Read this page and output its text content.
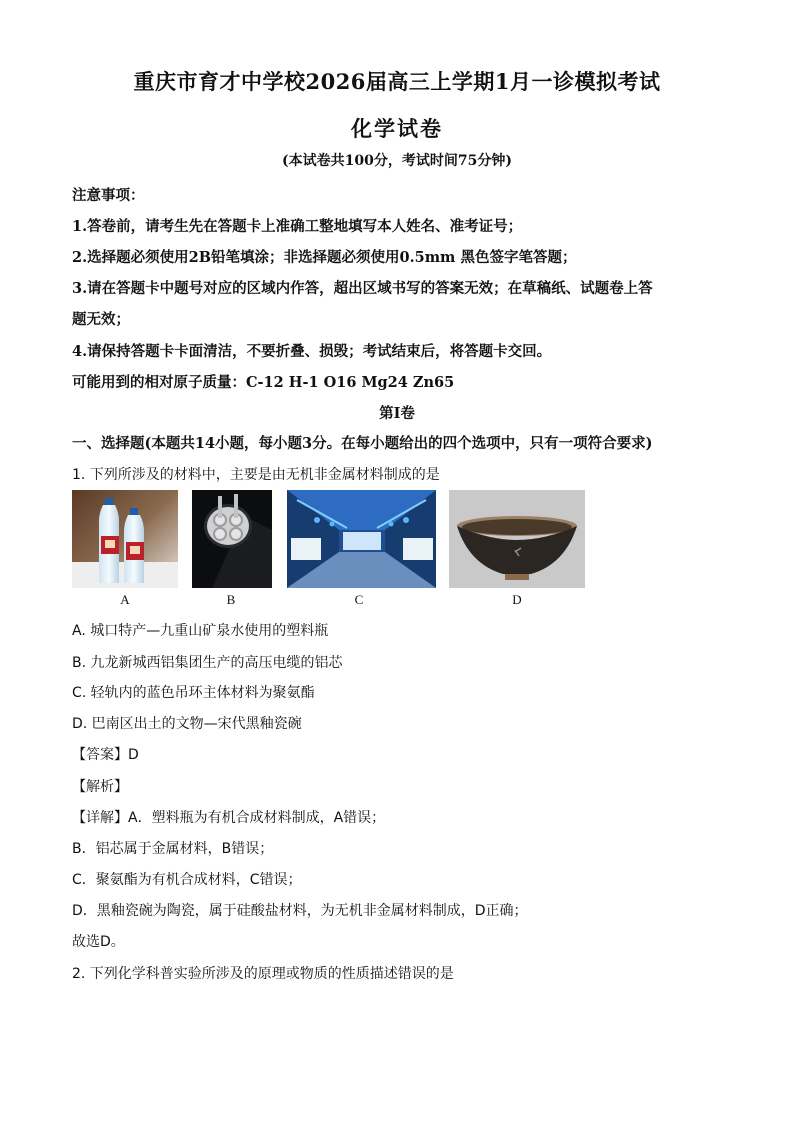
重庆市育才中学校2026届高三上学期1月一诊模拟考试
化学试卷
(本试卷共100分，考试时间75分钟)
注意事项：
1.答卷前，请考生先在答题卡上准确工整地填写本人姓名、准考证号；
2.选择题必须使用2B铅笔填涂；非选择题必须使用0.5mm 黑色签字笔答题；
3.请在答题卡中题号对应的区域内作答，超出区域书写的答案无效；在草稿纸、试题卷上答
题无效；
4.请保持答题卡卡面清洁，不要折叠、损毁；考试结束后，将答题卡交回。
可能用到的相对原子质量：C-12 H-1 O16 Mg24 Zn65
第I卷
一、选择题(本题共14小题，每小题3分。在每小题给出的四个选项中，只有一项符合要求)
1. 下列所涉及的材料中，主要是由无机非金属材料制成的是
A	B	C	D
A. 城口特产—九重山矿泉水使用的塑料瓶
B. 九龙新城西铝集团生产的高压电缆的铝芯
C. 轻轨内的蓝色吊环主体材料为聚氨酯
D. 巴南区出土的文物—宋代黑釉瓷碗
【答案】D
【解析】
【详解】A．塑料瓶为有机合成材料制成，A错误；
B．铝芯属于金属材料，B错误；
C．聚氨酯为有机合成材料，C错误；
D．黑釉瓷碗为陶瓷，属于硅酸盐材料，为无机非金属材料制成，D正确；
故选D。
2. 下列化学科普实验所涉及的原理或物质的性质描述错误的是
